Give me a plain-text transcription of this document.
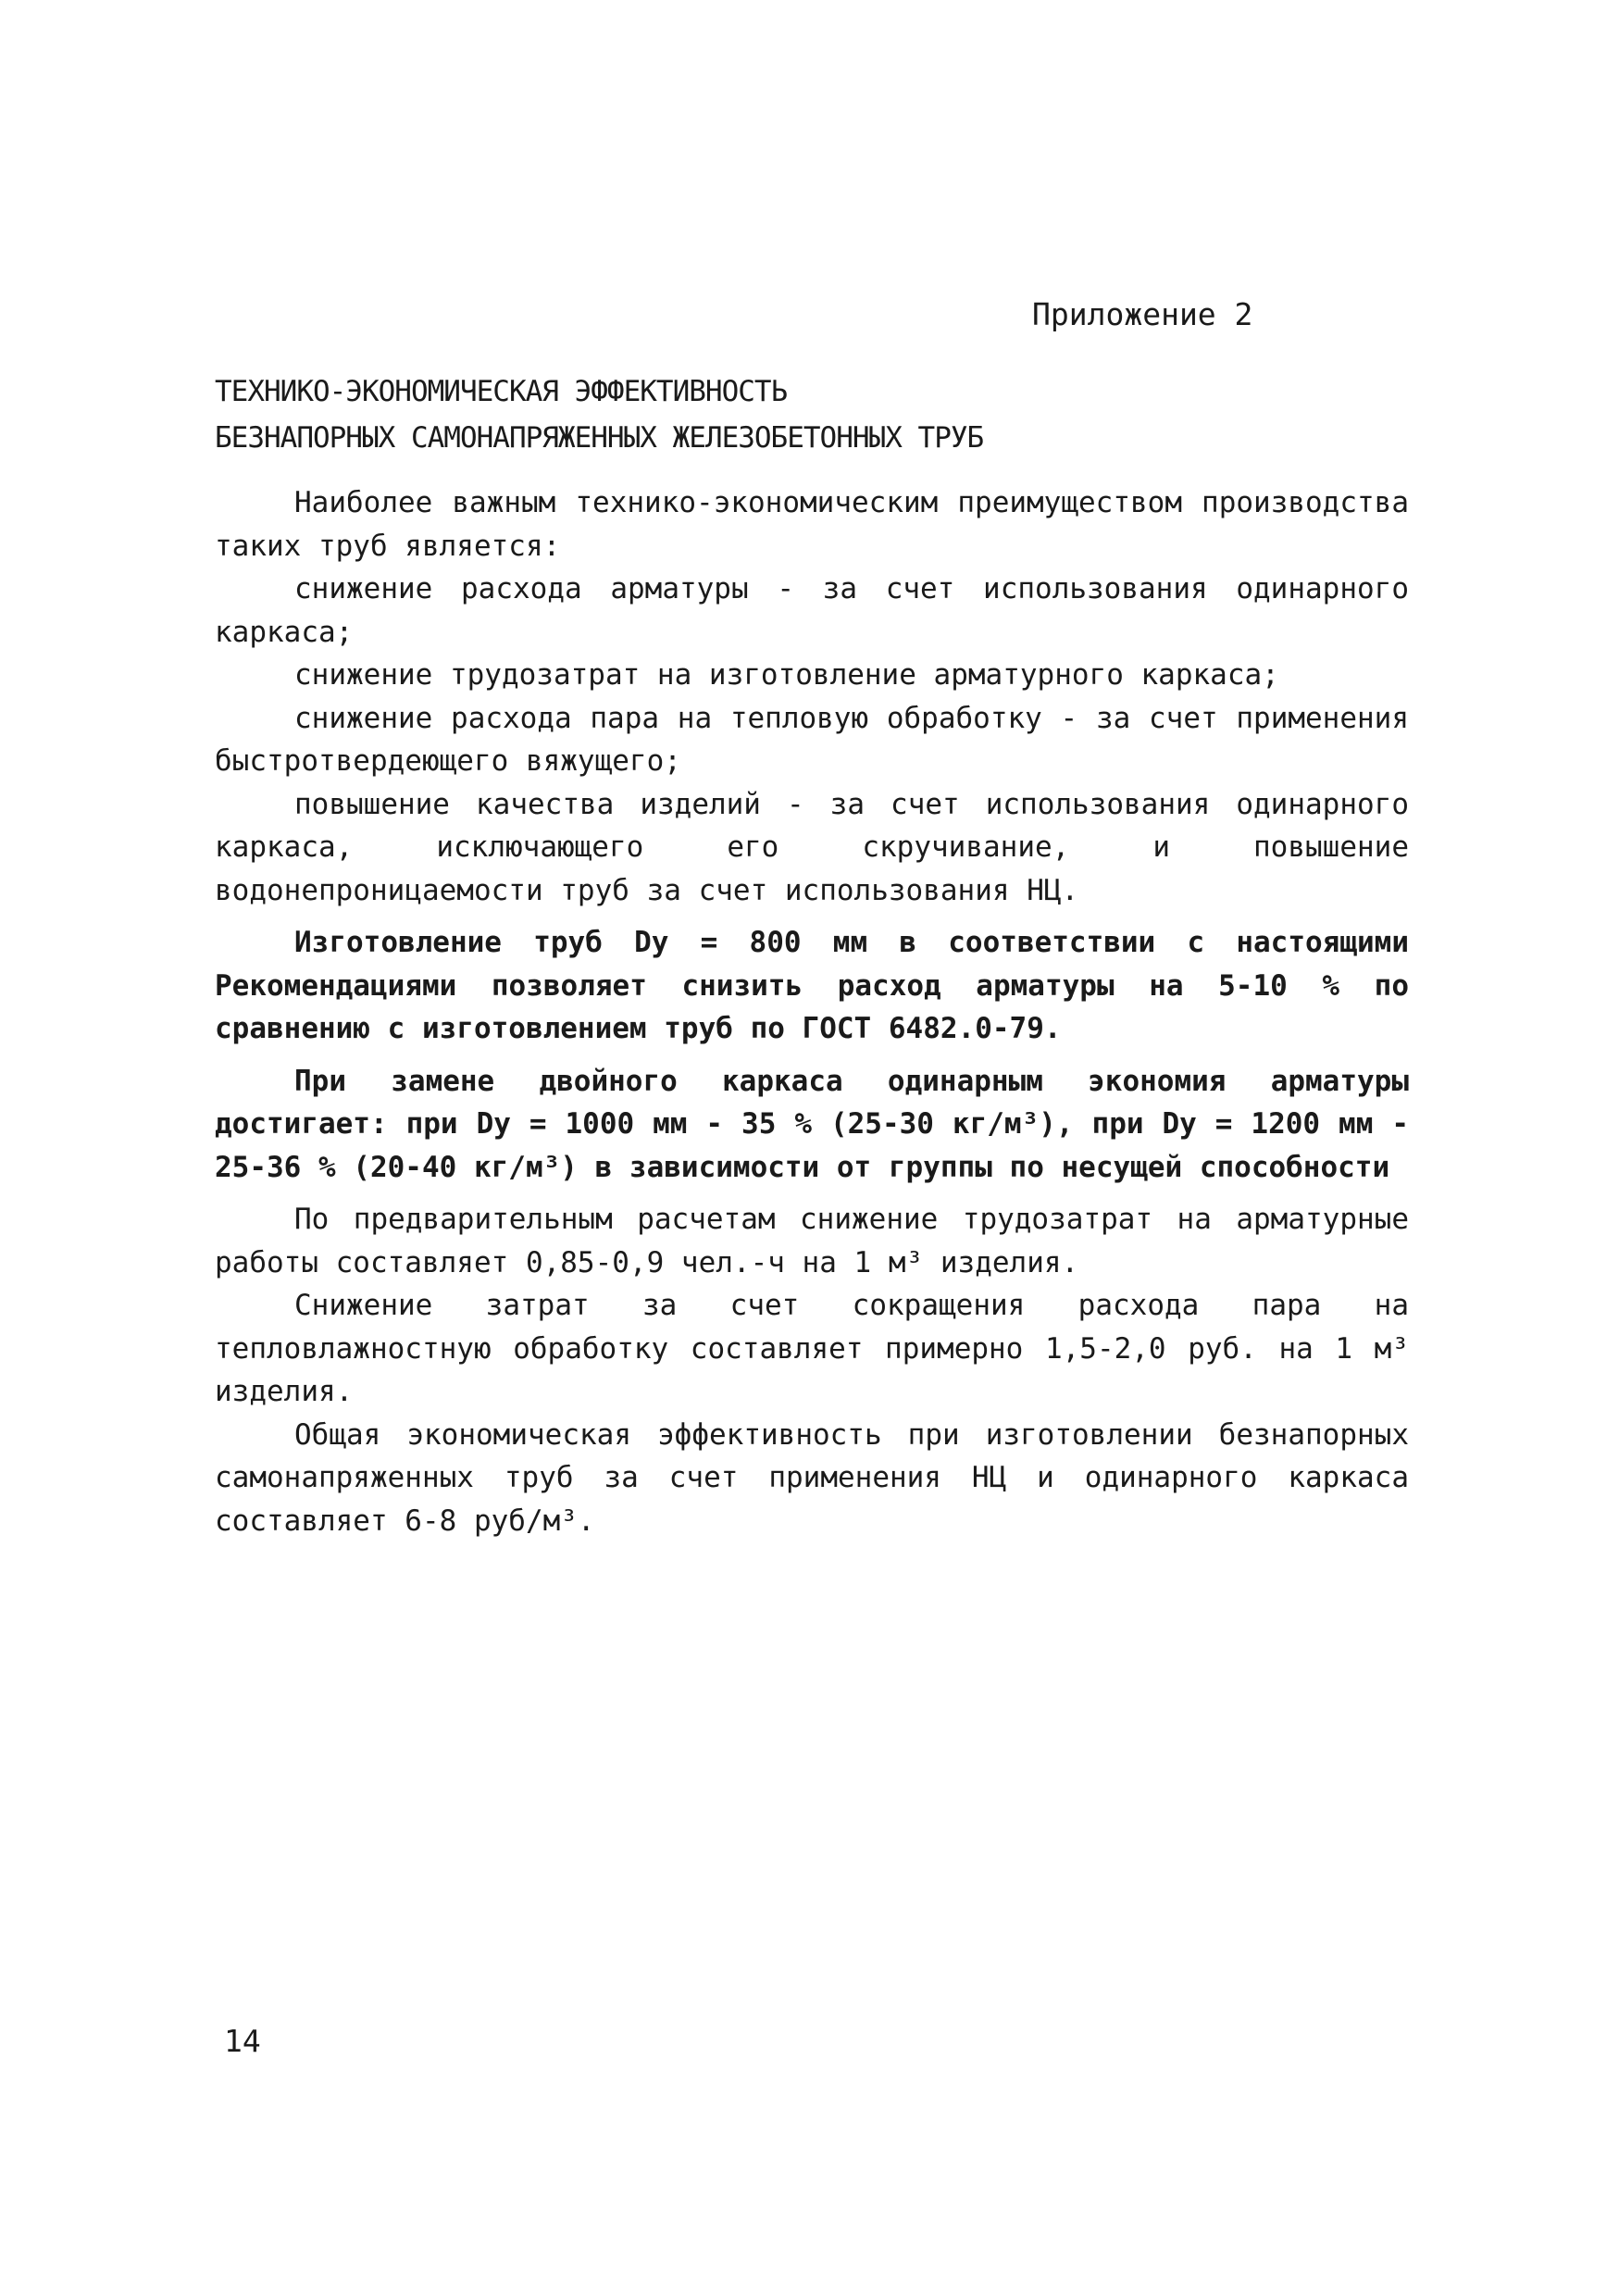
Приложение 2
ТЕХНИКО-ЭКОНОМИЧЕСКАЯ ЭФФЕКТИВНОСТЬ
БЕЗНАПОРНЫХ САМОНАПРЯЖЕННЫХ ЖЕЛЕЗОБЕТОННЫХ ТРУБ

Наиболее важным технико-экономическим преимуществом производства таких труб является:

снижение расхода арматуры - за счет использования одинарного каркаса;

снижение трудозатрат на изготовление арматурного каркаса;

снижение расхода пара на тепловую обработку - за счет применения быстротвердеющего вяжущего;

повышение качества изделий - за счет использования одинарного каркаса, исключающего его скручивание, и повышение водонепроницаемости труб за счет использования НЦ.

Изготовление труб Dу = 800 мм в соответствии с настоящими Рекомендациями позволяет снизить расход арматуры на 5-10 % по сравнению с изготовлением труб по ГОСТ 6482.0-79.

При замене двойного каркаса одинарным экономия арматуры достигает: при Dу = 1000 мм - 35 % (25-30 кг/м³), при Dу = 1200 мм - 25-36 % (20-40 кг/м³) в зависимости от группы по несущей способности

По предварительным расчетам снижение трудозатрат на арматурные работы составляет 0,85-0,9 чел.-ч на 1 м³ изделия.

Снижение затрат за счет сокращения расхода пара на тепловлажностную обработку составляет примерно 1,5-2,0 руб. на 1 м³ изделия.

Общая экономическая эффективность при изготовлении безнапорных самонапряженных труб за счет применения НЦ и одинарного каркаса составляет 6-8 руб/м³.

14
